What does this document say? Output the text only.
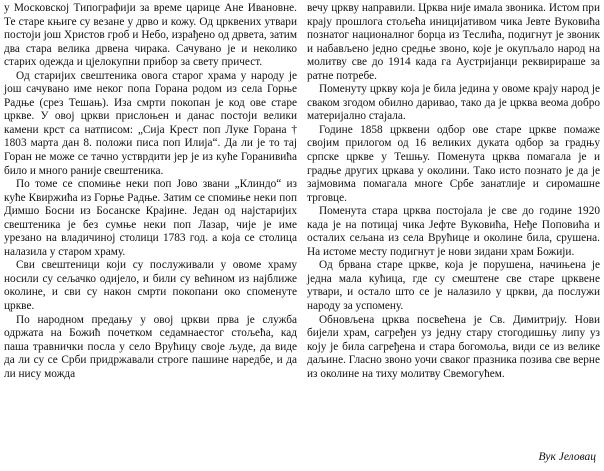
у Московској Типографији за време царице Ане Ивановне. Те старе књиге су везане у дрво и кожу. Од црквених утвари постоји још Христов гроб и Небо, израђено од дрвета, затим два стара велика дрвена чирака. Сачувано је и неколико старих одежда и цјелокупни прибор за свету причест.

Од старијих свештеника овога старог храма у народу је још сачувано име неког попа Горана родом из села Горње Радње (срез Тешањ). Иза смрти покопан је код ове старе цркве. У овој цркви прислоњен и данас постоји велики камени крст са натписом: „Сија Крест поп Луке Горана † 1803 марта дан 8. положи писа поп Илија“. Да ли је то тај Горан не може се тачно устврдити јер је из куће Горанивића било и много раније свештеника.

По томе се спомиње неки поп Јово звани „Клиндо“ из куће Квиржића из Горње Радње. Затим се спомиње неки поп Димшо Босни из Босанске Крајине. Један од најстаријих свештеника је без сумње неки поп Лазар, чије је име урезано на владичиној столици 1783 год. а која се столица налазила у старом храму.

Сви свештеници који су послуживали у овоме храму носили су сељачко одијело, и били су већином из најближе околине, и сви су након смрти покопани око споменуте цркве.

По народном предању у овој цркви прва је служба одржата на Божић почетком седамнаестог стољећа, кад паша травнички посла у село Врућицу своје људе, да виде да ли су се Срби придржавали строге пашине наредбе, и да ли ниcу можда

вечу цркву направили. Црква није имала звоника. Истом при крају прошлога стољећа иницијативом чика Јевте Вуковића познатог националног борца из Теслића, подигнут је звоник и набављено једно средње звоно, које је окупљало народ на молитву све до 1914 када га Аустријанци реквирираше за ратне потребе.

Поменуту цркву која је била једина у овоме крају народ је сваком згодом обилно даривао, тако да је црква веома добро материјално стајала.

Године 1858 црквени одбор ове старе цркве помаже својим прилогом од 16 великих дуката одбор за градњу српске цркве у Тешњу. Поменута црква помагала је и градње других цркава у околини. Тако исто познато је да је зајмовима помагала многе Србе занатлије и сиромашне трговце.

Поменута стара црква постојала је све до године 1920 када је на потицај чика Јефте Вуковића, Неђе Поповића и осталих сељана из села Врућице и околине била, срушена. На истоме месту подигнут је нови зидани храм Божији.

Од брвана старе цркве, која је порушена, начињена је једна мала кућица, где су смештене све старе црквене утвари, и остало што се је налазило у цркви, да послужи народу за успомену.

Обновљена црква посвећена је Св. Димитрију. Нови бијели храм, сагређен уз једну стару стогодишњу липу уз коју је била сагређена и стара богомоља, види се из велике даљине. Гласно звоно уочи сваког празника позива све верне из околине на тиху молитву Свемогућем.

Вук Јеловац
